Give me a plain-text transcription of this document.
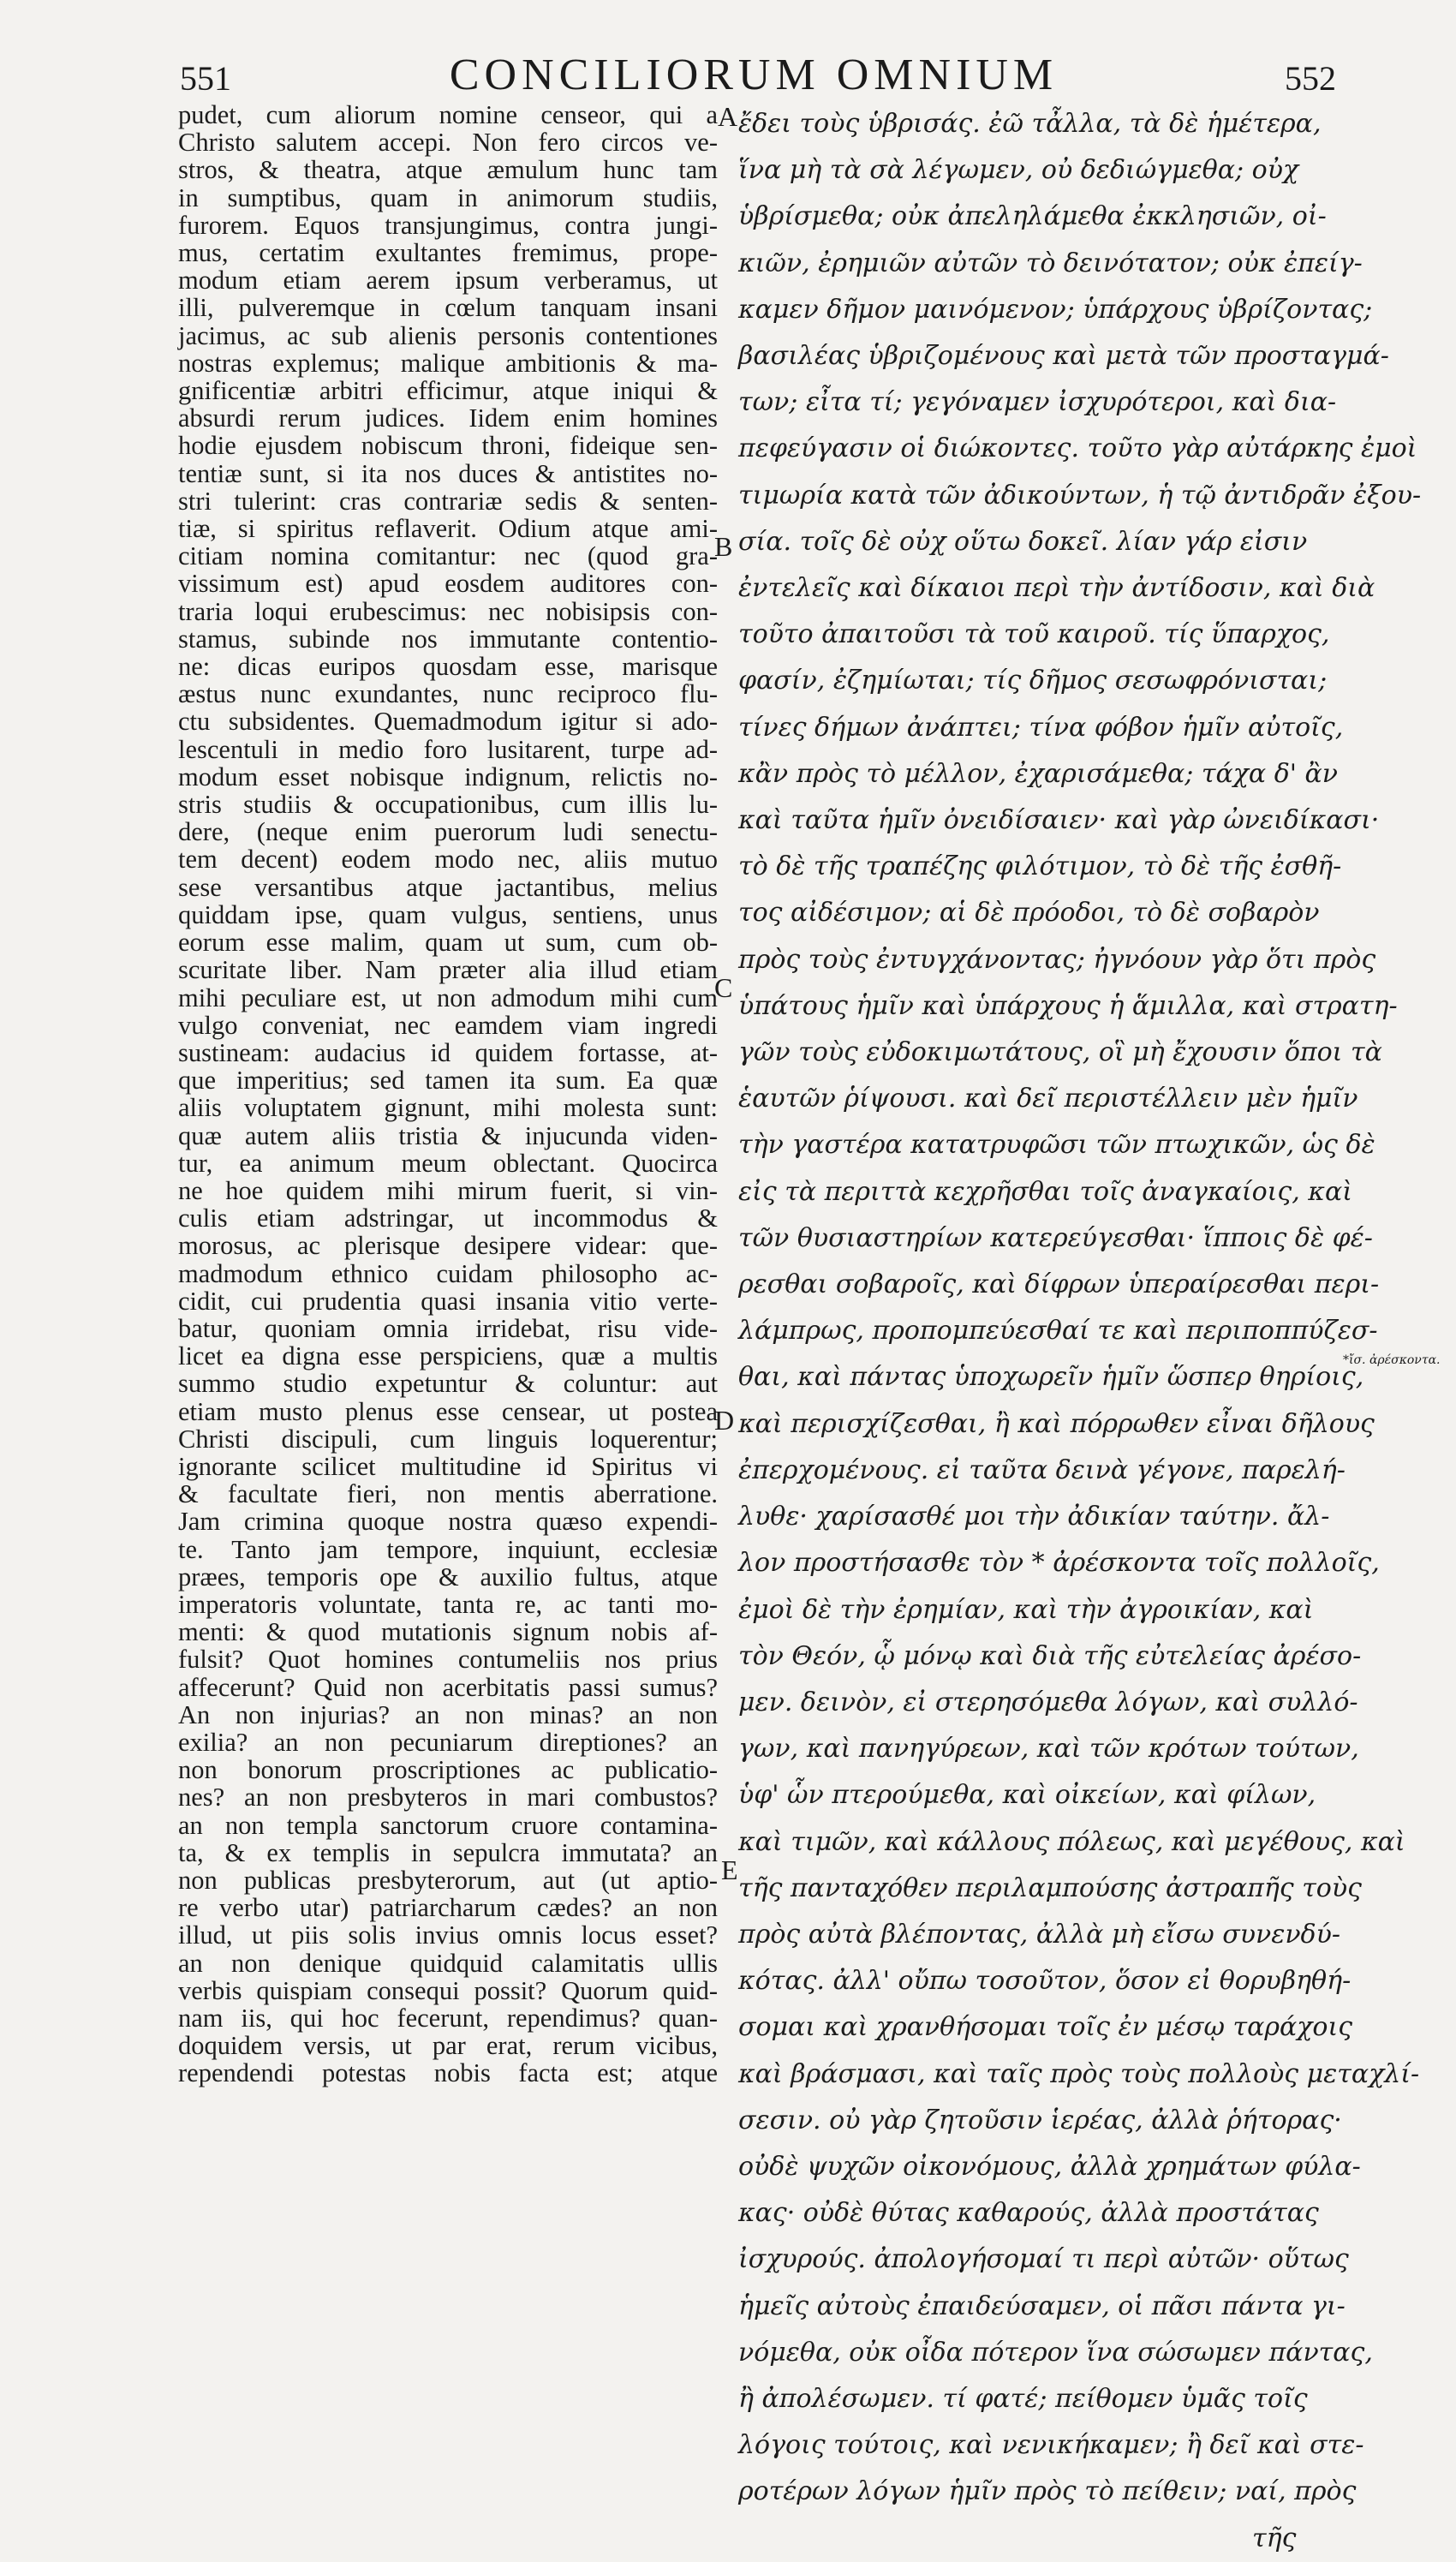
551	CONCILIORUM OMNIUM	552
pudet, cum aliorum nomine censeor, qui a
Christo salutem accepi. Non fero circos ve-
stros, & theatra, atque æmulum hunc tam
in sumptibus, quam in animorum studiis,
furorem. Equos transjungimus, contra jungi-
mus, certatim exultantes fremimus, prope-
modum etiam aerem ipsum verberamus, ut
illi, pulveremque in cœlum tanquam insani
jacimus, ac sub alienis personis contentiones
nostras explemus; malique ambitionis & ma-
gnificentiæ arbitri efficimur, atque iniqui &
absurdi rerum judices. Iidem enim homines
hodie ejusdem nobiscum throni, fideique sen-
tentiæ sunt, si ita nos duces & antistites no-
stri tulerint: cras contrariæ sedis & senten-
tiæ, si spiritus reflaverit. Odium atque ami-
citiam nomina comitantur: nec (quod gra-
vissimum est) apud eosdem auditores con-
traria loqui erubescimus: nec nobisipsis con-
stamus, subinde nos immutante contentio-
ne: dicas euripos quosdam esse, marisque
æstus nunc exundantes, nunc reciproco flu-
ctu subsidentes. Quemadmodum igitur si ado-
lescentuli in medio foro lusitarent, turpe ad-
modum esset nobisque indignum, relictis no-
stris studiis & occupationibus, cum illis lu-
dere, (neque enim puerorum ludi senectu-
tem decent) eodem modo nec, aliis mutuo
sese versantibus atque jactantibus, melius
quiddam ipse, quam vulgus, sentiens, unus
eorum esse malim, quam ut sum, cum ob-
scuritate liber. Nam præter alia illud etiam
mihi peculiare est, ut non admodum mihi cum
vulgo conveniat, nec eamdem viam ingredi
sustineam: audacius id quidem fortasse, at-
que imperitius; sed tamen ita sum. Ea quæ
aliis voluptatem gignunt, mihi molesta sunt:
quæ autem aliis tristia & injucunda viden-
tur, ea animum meum oblectant. Quocirca
ne hoe quidem mihi mirum fuerit, si vin-
culis etiam adstringar, ut incommodus &
morosus, ac plerisque desipere videar: que-
madmodum ethnico cuidam philosopho ac-
cidit, cui prudentia quasi insania vitio verte-
batur, quoniam omnia irridebat, risu vide-
licet ea digna esse perspiciens, quæ a multis
summo studio expetuntur & coluntur: aut
etiam musto plenus esse censear, ut postea
Christi discipuli, cum linguis loquerentur;
ignorante scilicet multitudine id Spiritus vi
& facultate fieri, non mentis aberratione.
Jam crimina quoque nostra quæso expendi-
te. Tanto jam tempore, inquiunt, ecclesiæ
præes, temporis ope & auxilio fultus, atque
imperatoris voluntate, tanta re, ac tanti mo-
menti: & quod mutationis signum nobis af-
fulsit? Quot homines contumeliis nos prius
affecerunt? Quid non acerbitatis passi sumus?
An non injurias? an non minas? an non
exilia? an non pecuniarum direptiones? an
non bonorum proscriptiones ac publicatio-
nes? an non presbyteros in mari combustos?
an non templa sanctorum cruore contamina-
ta, & ex templis in sepulcra immutata? an
non publicas presbyterorum, aut (ut aptio-
re verbo utar) patriarcharum cædes? an non
illud, ut piis solis invius omnis locus esset?
an non denique quidquid calamitatis ullis
verbis quispiam consequi possit? Quorum quid-
nam iis, qui hoc fecerunt, rependimus? quan-
doquidem versis, ut par erat, rerum vicibus,
rependendi potestas nobis facta est; atque
ἔδει τοὺς ὑβρισάς. ἐῶ τἆλλα, τὰ δὲ ἡμέτερα,
ἵνα μὴ τὰ σὰ λέγωμεν, οὐ δεδιώγμεθα; οὐχ
ὑβρίσμεθα; οὐκ ἀπεληλάμεθα ἐκκλησιῶν, οἰ-
κιῶν, ἐρημιῶν αὐτῶν τὸ δεινότατον; οὐκ ἐπείγ-
καμεν δῆμον μαινόμενον; ὑπάρχους ὑβρίζοντας;
βασιλέας ὑβριζομένους καὶ μετὰ τῶν προσταγμά-
των; εἶτα τί; γεγόναμεν ἰσχυρότεροι, καὶ δια-
πεφεύγασιν οἱ διώκοντες. τοῦτο γὰρ αὐτάρκης ἐμοὶ
τιμωρία κατὰ τῶν ἀδικούντων, ἡ τῷ ἀντιδρᾶν ἐξου-
σία. τοῖς δὲ οὐχ οὕτω δοκεῖ. λίαν γάρ εἰσιν
ἐντελεῖς καὶ δίκαιοι περὶ τὴν ἀντίδοσιν, καὶ διὰ
τοῦτο ἀπαιτοῦσι τὰ τοῦ καιροῦ. τίς ὕπαρχος,
φασίν, ἐζημίωται; τίς δῆμος σεσωφρόνισται;
τίνες δήμων ἀνάπτει; τίνα φόβον ἡμῖν αὐτοῖς,
κἂν πρὸς τὸ μέλλον, ἐχαρισάμεθα; τάχα δ' ἂν
καὶ ταῦτα ἡμῖν ὀνειδίσαιεν· καὶ γὰρ ὠνειδίκασι·
τὸ δὲ τῆς τραπέζης φιλότιμον, τὸ δὲ τῆς ἐσθῆ-
τος αἰδέσιμον; αἱ δὲ πρόοδοι, τὸ δὲ σοβαρὸν
πρὸς τοὺς ἐντυγχάνοντας; ἠγνόουν γὰρ ὅτι πρὸς
ὑπάτους ἡμῖν καὶ ὑπάρχους ἡ ἅμιλλα, καὶ στρατη-
γῶν τοὺς εὐδοκιμωτάτους, οἳ μὴ ἔχουσιν ὅποι τὰ
ἑαυτῶν ῥίψουσι. καὶ δεῖ περιστέλλειν μὲν ἡμῖν
τὴν γαστέρα κατατρυφῶσι τῶν πτωχικῶν, ὡς δὲ
εἰς τὰ περιττὰ κεχρῆσθαι τοῖς ἀναγκαίοις, καὶ
τῶν θυσιαστηρίων κατερεύγεσθαι· ἵπποις δὲ φέ-
ρεσθαι σοβαροῖς, καὶ δίφρων ὑπεραίρεσθαι περι-
λάμπρως, προπομπεύεσθαί τε καὶ περιποππύζεσ-
θαι, καὶ πάντας ὑποχωρεῖν ἡμῖν ὥσπερ θηρίοις,
καὶ περισχίζεσθαι, ἢ καὶ πόρρωθεν εἶναι δῆλους
ἐπερχομένους. εἰ ταῦτα δεινὰ γέγονε, παρελή-
λυθε· χαρίσασθέ μοι τὴν ἀδικίαν ταύτην. ἄλ-
λον προστήσασθε τὸν * ἀρέσκοντα τοῖς πολλοῖς,
ἐμοὶ δὲ τὴν ἐρημίαν, καὶ τὴν ἀγροικίαν, καὶ
τὸν Θεόν, ᾧ μόνῳ καὶ διὰ τῆς εὐτελείας ἀρέσο-
μεν. δεινὸν, εἰ στερησόμεθα λόγων, καὶ συλλό-
γων, καὶ πανηγύρεων, καὶ τῶν κρότων τούτων,
ὑφ' ὧν πτερούμεθα, καὶ οἰκείων, καὶ φίλων,
καὶ τιμῶν, καὶ κάλλους πόλεως, καὶ μεγέθους, καὶ
τῆς πανταχόθεν περιλαμπούσης ἀστραπῆς τοὺς
πρὸς αὐτὰ βλέποντας, ἀλλὰ μὴ εἴσω συνενδύ-
κότας. ἀλλ' οὔπω τοσοῦτον, ὅσον εἰ θορυβηθή-
σομαι καὶ χρανθήσομαι τοῖς ἐν μέσῳ ταράχοις
καὶ βράσμασι, καὶ ταῖς πρὸς τοὺς πολλοὺς μεταχλί-
σεσιν. οὐ γὰρ ζητοῦσιν ἱερέας, ἀλλὰ ῥήτορας·
οὐδὲ ψυχῶν οἰκονόμους, ἀλλὰ χρημάτων φύλα-
κας· οὐδὲ θύτας καθαρούς, ἀλλὰ προστάτας
ἰσχυρούς. ἀπολογήσομαί τι περὶ αὐτῶν· οὕτως
ἡμεῖς αὐτοὺς ἐπαιδεύσαμεν, οἱ πᾶσι πάντα γι-
νόμεθα, οὐκ οἶδα πότερον ἵνα σώσωμεν πάντας,
ἢ ἀπολέσωμεν. τί φατέ; πείθομεν ὑμᾶς τοῖς
λόγοις τούτοις, καὶ νενικήκαμεν; ἢ δεῖ καὶ στε-
ροτέρων λόγων ἡμῖν πρὸς τὸ πείθειν; ναί, πρὸς
τῆς
A
B
C
D
E
*ἴσ. ἀρέσκοντα.
